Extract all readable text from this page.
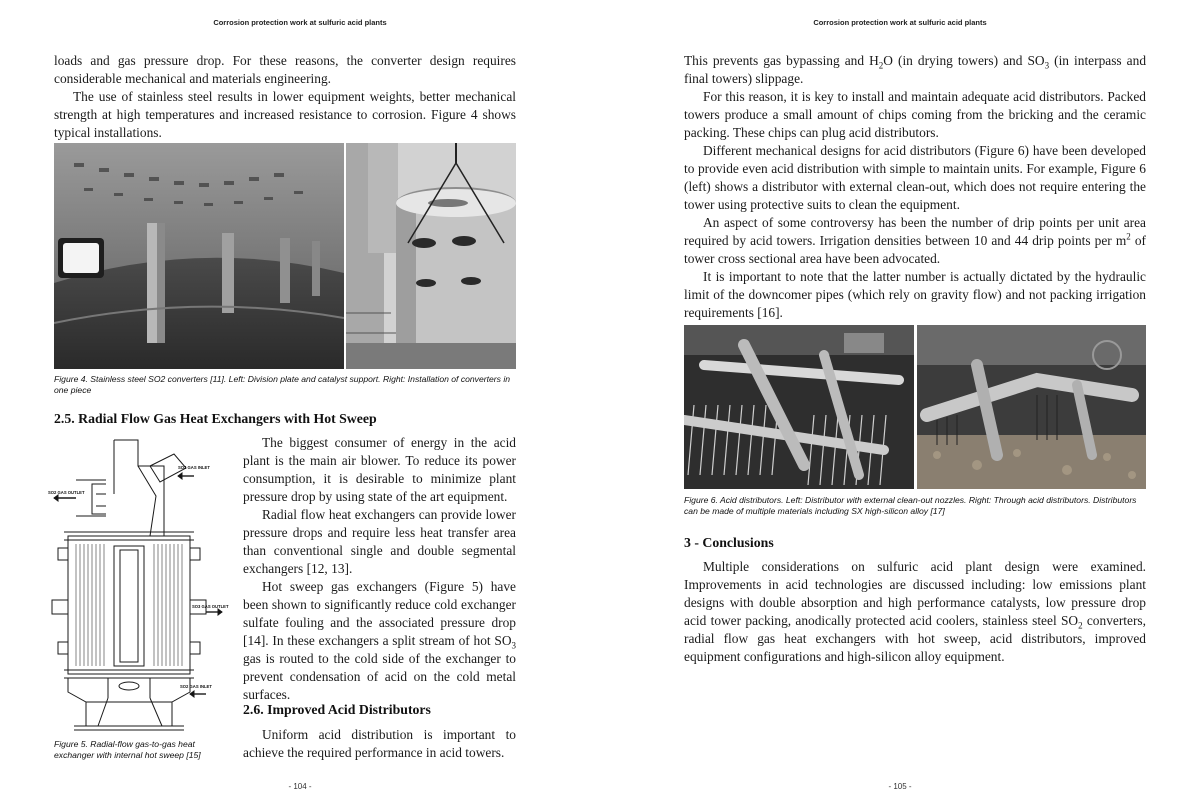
Corrosion protection work at sulfuric acid plants

loads and gas pressure drop. For these reasons, the converter design requires considerable mechanical and materials engineering.

The use of stainless steel results in lower equipment weights, better mechanical strength at high temperatures and increased resistance to corrosion. Figure 4 shows typical installations.

Figure 4. Stainless steel SO2 converters [11]. Left: Division plate and catalyst support. Right: Installation of converters in one piece
2.5. Radial Flow Gas Heat Exchangers with Hot Sweep
SO3 GAS INLET
SO2 GAS OUTLET
SO3 GAS OUTLET
SO2 GAS INLET
Figure 5. Radial-flow gas-to-gas heat exchanger with internal hot sweep [15]

The biggest consumer of energy in the acid plant is the main air blower. To reduce its power consumption, it is desirable to minimize plant pressure drop by using state of the art equipment.

Radial flow heat exchangers can provide lower pressure drops and require less heat transfer area than conventional single and double segmental exchangers [12, 13].

Hot sweep gas exchangers (Figure 5) have been shown to significantly reduce cold exchanger sulfate fouling and the associated pressure drop [14]. In these exchangers a split stream of hot $SO_3$ gas is routed to the cold side of the exchanger to prevent condensation of acid on the cold metal surfaces.

2.6. Improved Acid Distributors

Uniform acid distribution is important to achieve the required performance in acid towers.

- 104 -
Corrosion protection work at sulfuric acid plants

This prevents gas bypassing and $H_2O$ (in drying towers) and $SO_3$ (in interpass and final towers) slippage.

For this reason, it is key to install and maintain adequate acid distributors. Packed towers produce a small amount of chips coming from the bricking and the ceramic packing. These chips can plug acid distributors.

Different mechanical designs for acid distributors (Figure 6) have been developed to provide even acid distribution with simple to maintain units. For example, Figure 6 (left) shows a distributor with external clean-out, which does not require entering the tower using protective suits to clean the equipment.

An aspect of some controversy has been the number of drip points per unit area required by acid towers. Irrigation densities between 10 and 44 drip points per $m^2$ of tower cross sectional area have been advocated.

It is important to note that the latter number is actually dictated by the hydraulic limit of the downcomer pipes (which rely on gravity flow) and not packing irrigation requirements [16].

Figure 6. Acid distributors. Left: Distributor with external clean-out nozzles. Right: Through acid distributors. Distributors can be made of multiple materials including SX high-silicon alloy [17]
3 - Conclusions

Multiple considerations on sulfuric acid plant design were examined. Improvements in acid technologies are discussed including: low emissions plant designs with double absorption and high performance catalysts, low pressure drop acid tower packing, anodically protected acid coolers, stainless steel $SO_2$ converters, radial flow gas heat exchangers with hot sweep, acid distributors, improved equipment configurations and high-silicon alloy equipment.

- 105 -
